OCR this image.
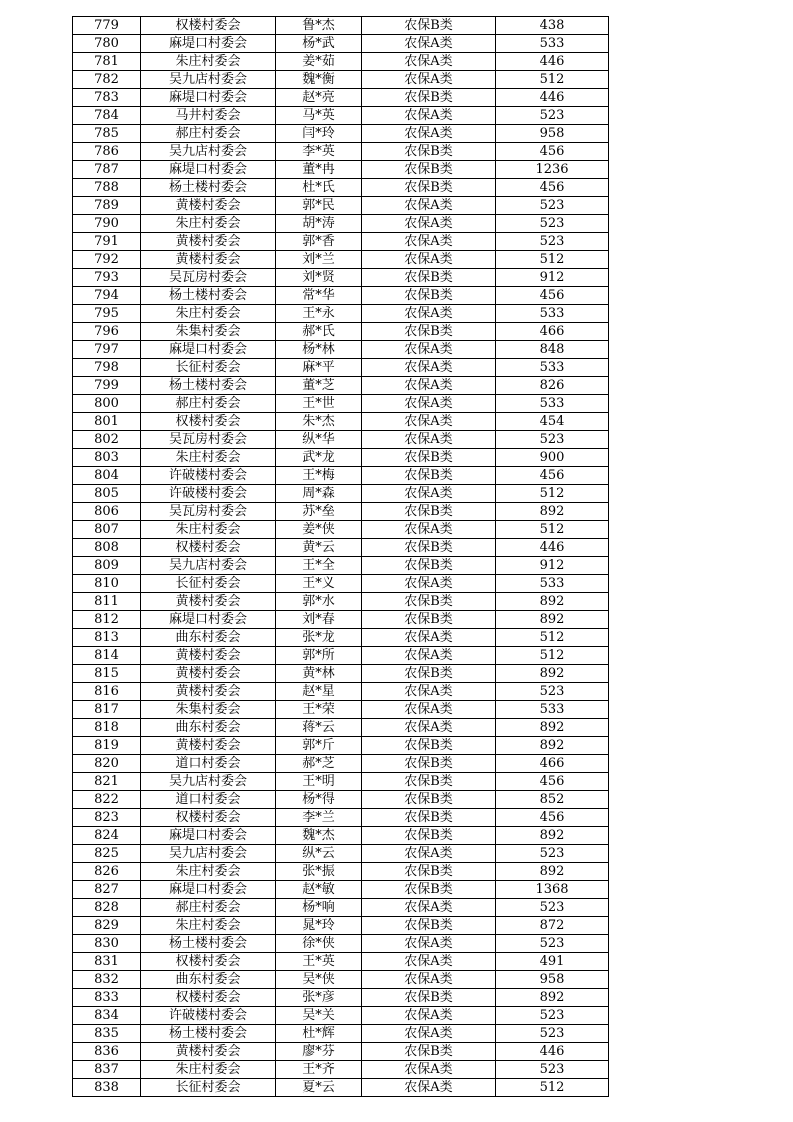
779	权楼村委会	鲁*杰	农保B类	438
780	麻堤口村委会	杨*武	农保A类	533
781	朱庄村委会	姜*茹	农保A类	446
782	吴九店村委会	魏*衡	农保A类	512
783	麻堤口村委会	赵*亮	农保B类	446
784	马井村委会	马*英	农保A类	523
785	郝庄村委会	闫*玲	农保A类	958
786	吴九店村委会	李*英	农保B类	456
787	麻堤口村委会	董*冉	农保B类	1236
788	杨土楼村委会	杜*氏	农保B类	456
789	黄楼村委会	郭*民	农保A类	523
790	朱庄村委会	胡*涛	农保A类	523
791	黄楼村委会	郭*香	农保A类	523
792	黄楼村委会	刘*兰	农保A类	512
793	吴瓦房村委会	刘*贤	农保B类	912
794	杨土楼村委会	常*华	农保B类	456
795	朱庄村委会	王*永	农保A类	533
796	朱集村委会	郝*氏	农保B类	466
797	麻堤口村委会	杨*林	农保A类	848
798	长征村委会	麻*平	农保A类	533
799	杨土楼村委会	董*芝	农保A类	826
800	郝庄村委会	王*世	农保A类	533
801	权楼村委会	朱*杰	农保A类	454
802	吴瓦房村委会	纵*华	农保A类	523
803	朱庄村委会	武*龙	农保B类	900
804	许破楼村委会	王*梅	农保B类	456
805	许破楼村委会	周*森	农保A类	512
806	吴瓦房村委会	苏*垒	农保B类	892
807	朱庄村委会	姜*侠	农保A类	512
808	权楼村委会	黄*云	农保B类	446
809	吴九店村委会	王*全	农保B类	912
810	长征村委会	王*义	农保A类	533
811	黄楼村委会	郭*水	农保B类	892
812	麻堤口村委会	刘*春	农保B类	892
813	曲东村委会	张*龙	农保A类	512
814	黄楼村委会	郭*所	农保A类	512
815	黄楼村委会	黄*林	农保B类	892
816	黄楼村委会	赵*星	农保A类	523
817	朱集村委会	王*荣	农保A类	533
818	曲东村委会	蒋*云	农保A类	892
819	黄楼村委会	郭*斤	农保B类	892
820	道口村委会	郝*芝	农保B类	466
821	吴九店村委会	王*明	农保B类	456
822	道口村委会	杨*得	农保B类	852
823	权楼村委会	李*兰	农保B类	456
824	麻堤口村委会	魏*杰	农保B类	892
825	吴九店村委会	纵*云	农保A类	523
826	朱庄村委会	张*振	农保B类	892
827	麻堤口村委会	赵*敏	农保B类	1368
828	郝庄村委会	杨*响	农保A类	523
829	朱庄村委会	晁*玲	农保B类	872
830	杨土楼村委会	徐*侠	农保A类	523
831	权楼村委会	王*英	农保A类	491
832	曲东村委会	吴*侠	农保A类	958
833	权楼村委会	张*彦	农保B类	892
834	许破楼村委会	吴*关	农保A类	523
835	杨土楼村委会	杜*辉	农保A类	523
836	黄楼村委会	廖*芬	农保B类	446
837	朱庄村委会	王*齐	农保A类	523
838	长征村委会	夏*云	农保A类	512
